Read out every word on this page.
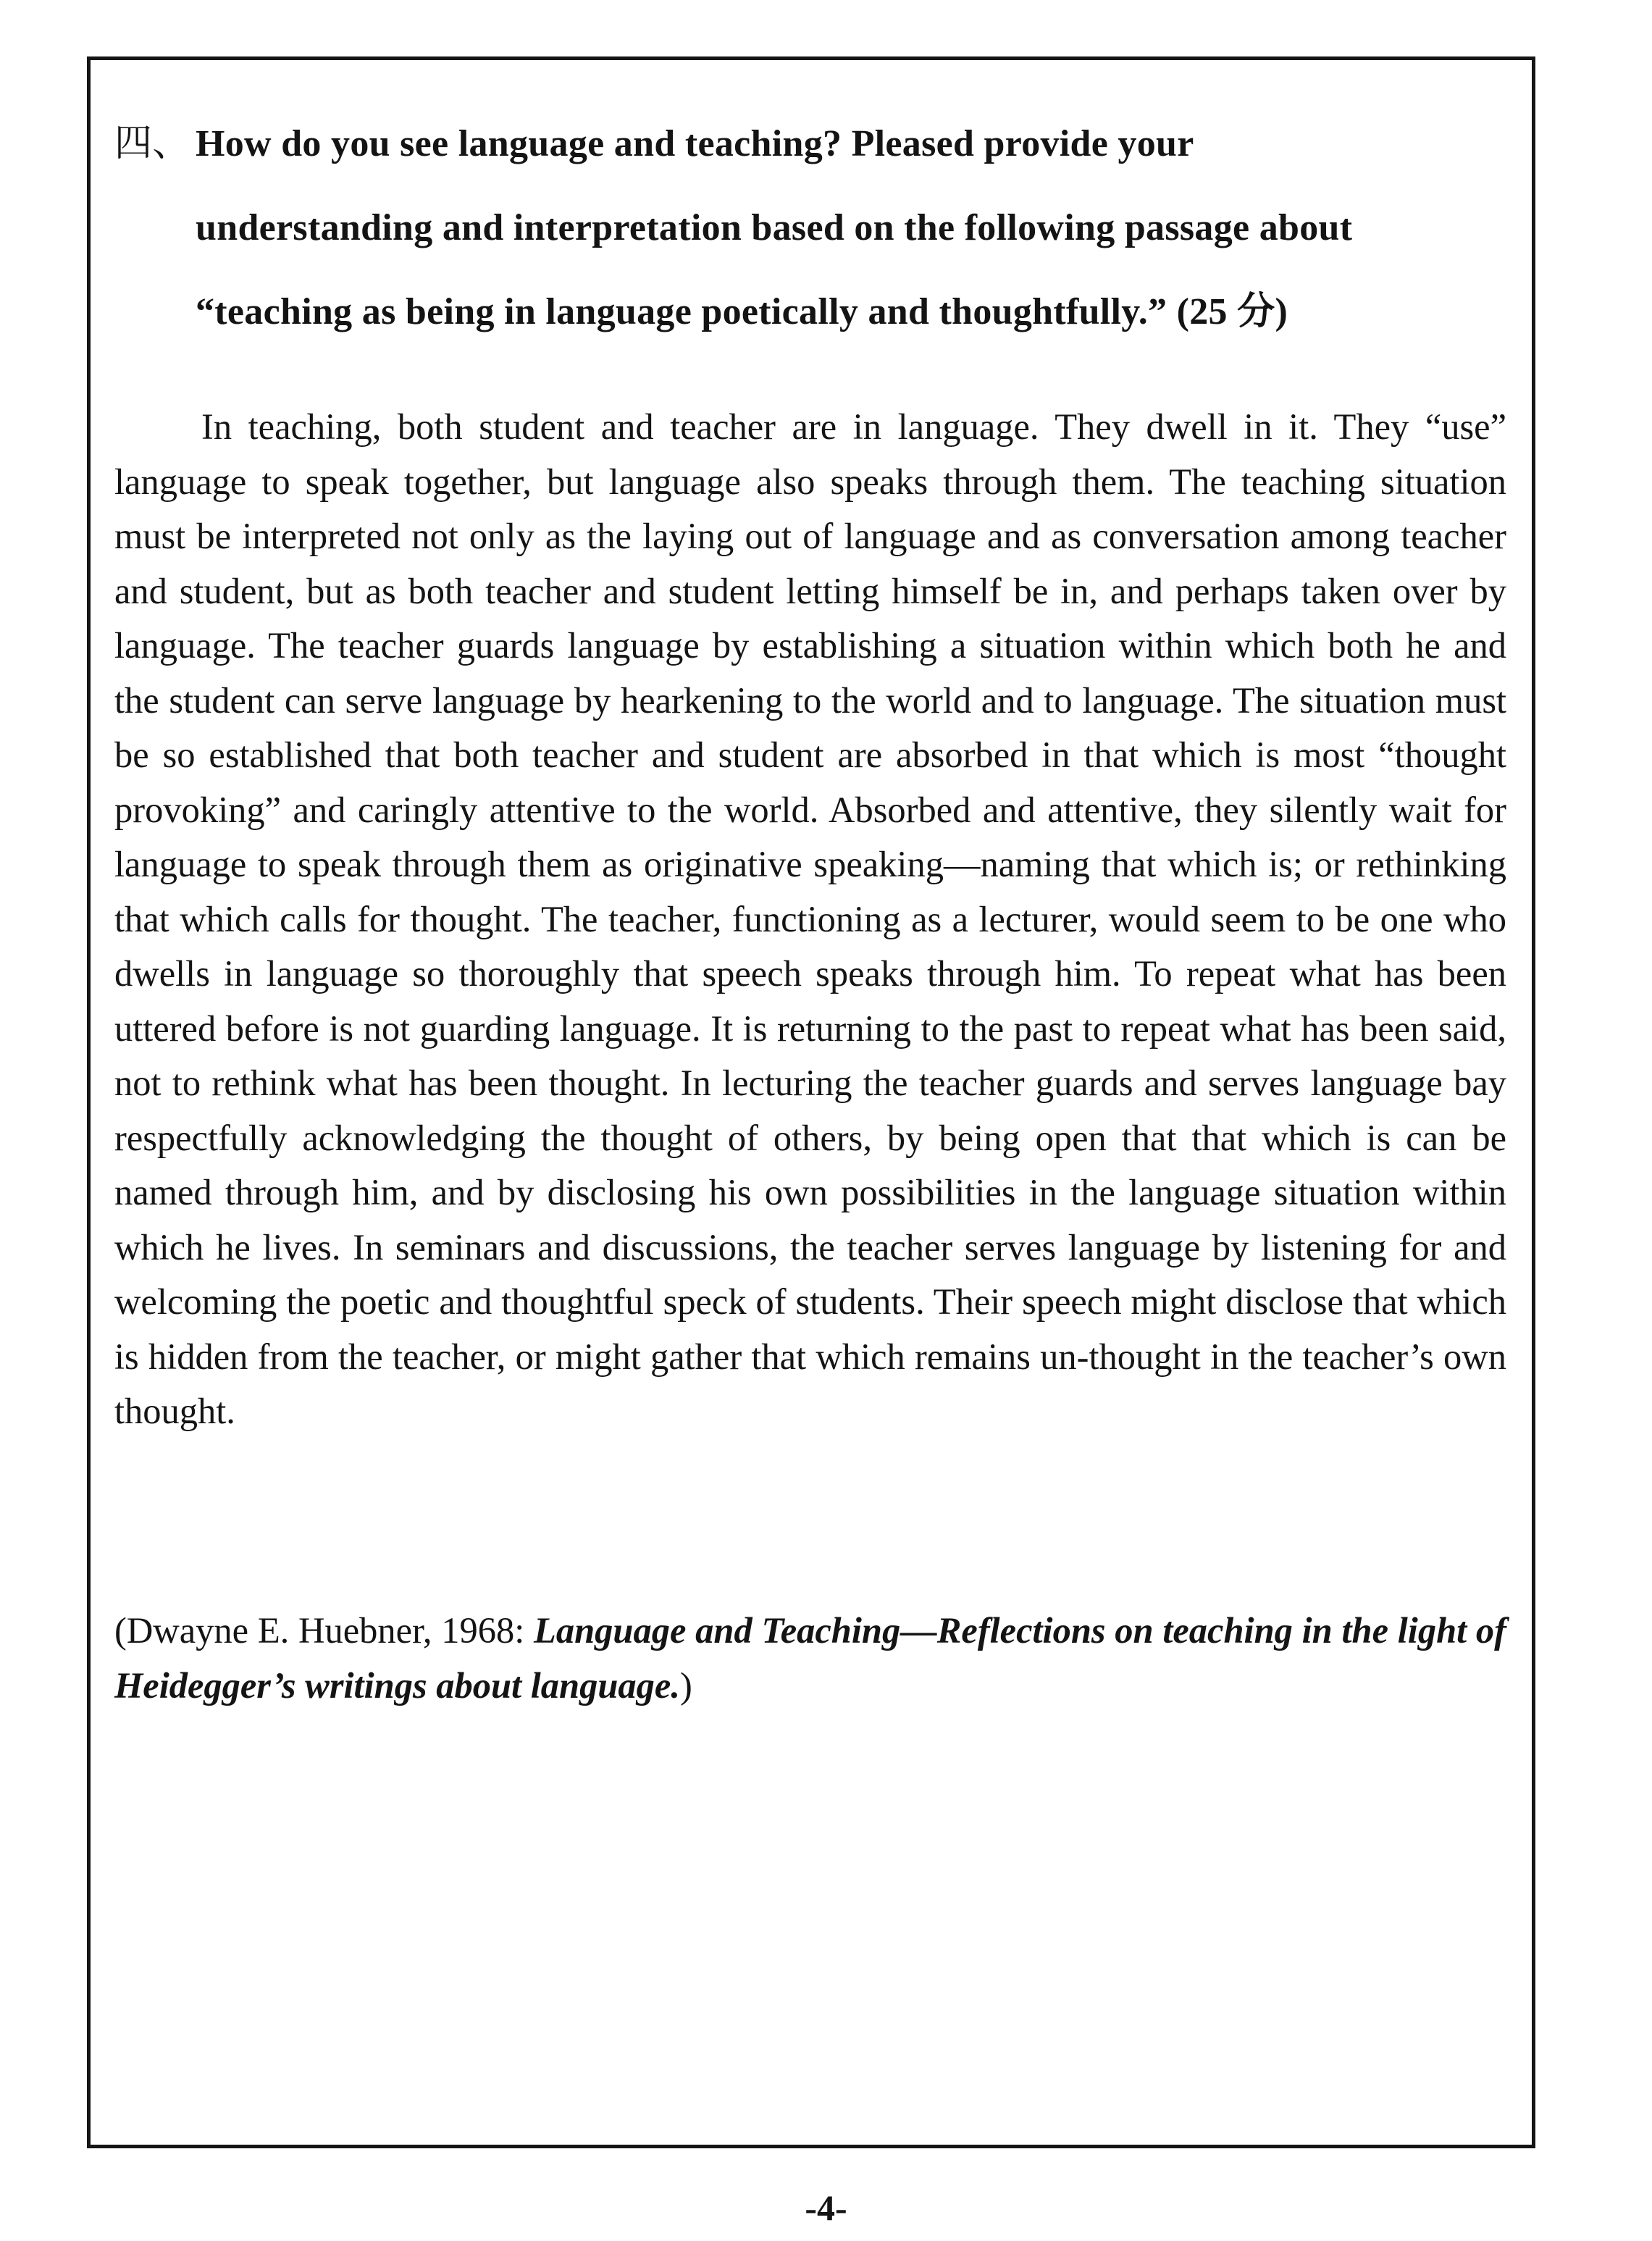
四、 How do you see language and teaching? Pleased provide your
understanding and interpretation based on the following passage about
“teaching as being in language poetically and thoughtfully.” (25 分)

In teaching, both student and teacher are in language. They dwell in it. They “use” language to speak together, but language also speaks through them. The teaching situation must be interpreted not only as the laying out of language and as conversation among teacher and student, but as both teacher and student letting himself be in, and perhaps taken over by language. The teacher guards language by establishing a situation within which both he and the student can serve language by hearkening to the world and to language. The situation must be so established that both teacher and student are absorbed in that which is most “thought provoking” and caringly attentive to the world. Absorbed and attentive, they silently wait for language to speak through them as originative speaking—naming that which is; or rethinking that which calls for thought. The teacher, functioning as a lecturer, would seem to be one who dwells in language so thoroughly that speech speaks through him. To repeat what has been uttered before is not guarding language. It is returning to the past to repeat what has been said, not to rethink what has been thought. In lecturing the teacher guards and serves language bay respectfully acknowledging the thought of others, by being open that that which is can be named through him, and by disclosing his own possibilities in the language situation within which he lives. In seminars and discussions, the teacher serves language by listening for and welcoming the poetic and thoughtful speck of students. Their speech might disclose that which is hidden from the teacher, or might gather that which remains un-thought in the teacher’s own thought.

(Dwayne E. Huebner, 1968: Language and Teaching—Reflections on teaching in the light of Heidegger’s writings about language.)

-4-
